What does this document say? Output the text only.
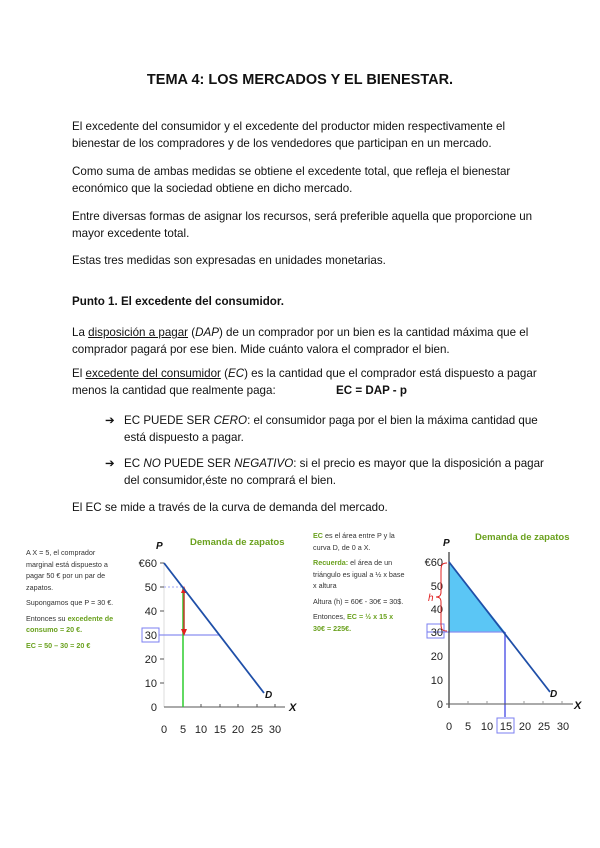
TEMA 4: LOS MERCADOS Y EL BIENESTAR.
El excedente del consumidor y el excedente del productor miden respectivamente el bienestar de los compradores y de los vendedores que participan en un mercado.
Como suma de ambas medidas se obtiene el excedente total, que refleja el bienestar económico que la sociedad obtiene en dicho mercado.
Entre diversas formas de asignar los recursos, será preferible aquella que proporcione un mayor excedente total.
Estas tres medidas son expresadas en unidades monetarias.
Punto 1. El excedente del consumidor.
La disposición a pagar (DAP) de un comprador por un bien es la cantidad máxima que el comprador pagará por ese bien. Mide cuánto valora el comprador el bien.
El excedente del consumidor (EC) es la cantidad que el comprador está dispuesto a pagar
menos la cantidad que realmente paga:	EC = DAP - p
➔ EC PUEDE SER CERO: el consumidor paga por el bien la máxima cantidad que está dispuesto a pagar.
➔ EC NO PUEDE SER NEGATIVO: si el precio es mayor que la disposición a pagar del consumidor,éste no comprará el bien.
El EC se mide a través de la curva de demanda del mercado.

A X = 5, el comprador marginal está dispuesto a pagar 50 € por un par de zapatos.

Supongamos que P = 30 €.

Entonces su excedente de consumo = 20 €.

EC = 50 – 30 = 20 €

Demanda de zapatos
P
€60
50
40
30
20
10
0
0 5 10 15 20 25 30
X
D

EC es el área entre P y la curva D, de 0 a X.

Recuerda: el área de un triángulo es igual a ½ x base x altura

Altura (h) = 60€ - 30€ = 30$.

Entonces, EC = ½ x 15 x 30€ = 225€.

Demanda de zapatos
P
€60
50
40
30
20
10
0
0 5 10 15 20 25 30
X
D
h
